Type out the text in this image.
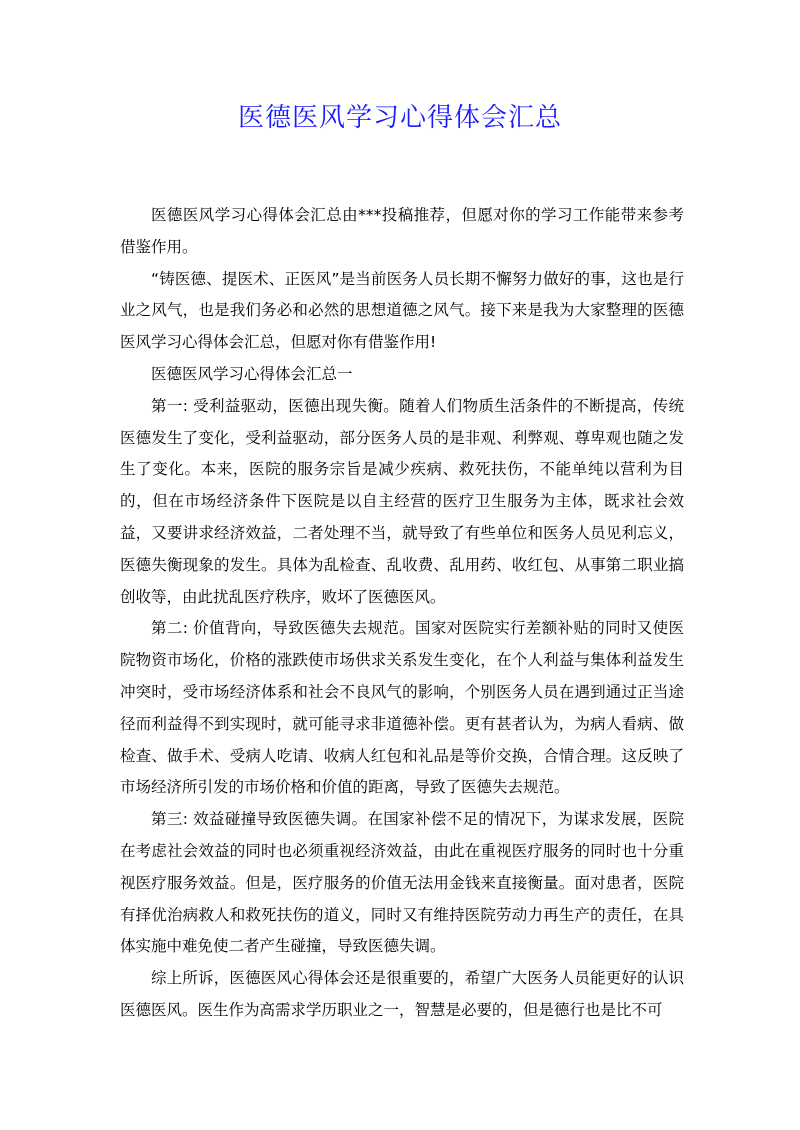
医德医风学习心得体会汇总

医德医风学习心得体会汇总由***投稿推荐，但愿对你的学习工作能带来参考借鉴作用。

“铸医德、提医术、正医风”是当前医务人员长期不懈努力做好的事，这也是行业之风气，也是我们务必和必然的思想道德之风气。接下来是我为大家整理的医德医风学习心得体会汇总，但愿对你有借鉴作用!

医德医风学习心得体会汇总一

第一: 受利益驱动，医德出现失衡。随着人们物质生活条件的不断提高，传统医德发生了变化，受利益驱动，部分医务人员的是非观、利弊观、尊卑观也随之发生了变化。本来，医院的服务宗旨是减少疾病、救死扶伤，不能单纯以营利为目的，但在市场经济条件下医院是以自主经营的医疗卫生服务为主体，既求社会效益，又要讲求经济效益，二者处理不当，就导致了有些单位和医务人员见利忘义，医德失衡现象的发生。具体为乱检查、乱收费、乱用药、收红包、从事第二职业搞创收等，由此扰乱医疗秩序，败坏了医德医风。

第二: 价值背向，导致医德失去规范。国家对医院实行差额补贴的同时又使医院物资市场化，价格的涨跌使市场供求关系发生变化，在个人利益与集体利益发生冲突时，受市场经济体系和社会不良风气的影响，个别医务人员在遇到通过正当途径而利益得不到实现时，就可能寻求非道德补偿。更有甚者认为，为病人看病、做检查、做手术、受病人吃请、收病人红包和礼品是等价交换，合情合理。这反映了市场经济所引发的市场价格和价值的距离，导致了医德失去规范。

第三: 效益碰撞导致医德失调。在国家补偿不足的情况下，为谋求发展，医院在考虑社会效益的同时也必须重视经济效益，由此在重视医疗服务的同时也十分重视医疗服务效益。但是，医疗服务的价值无法用金钱来直接衡量。面对患者，医院有择优治病救人和救死扶伤的道义，同时又有维持医院劳动力再生产的责任，在具体实施中难免使二者产生碰撞，导致医德失调。

综上所诉，医德医风心得体会还是很重要的，希望广大医务人员能更好的认识医德医风。医生作为高需求学历职业之一，智慧是必要的，但是德行也是比不可
